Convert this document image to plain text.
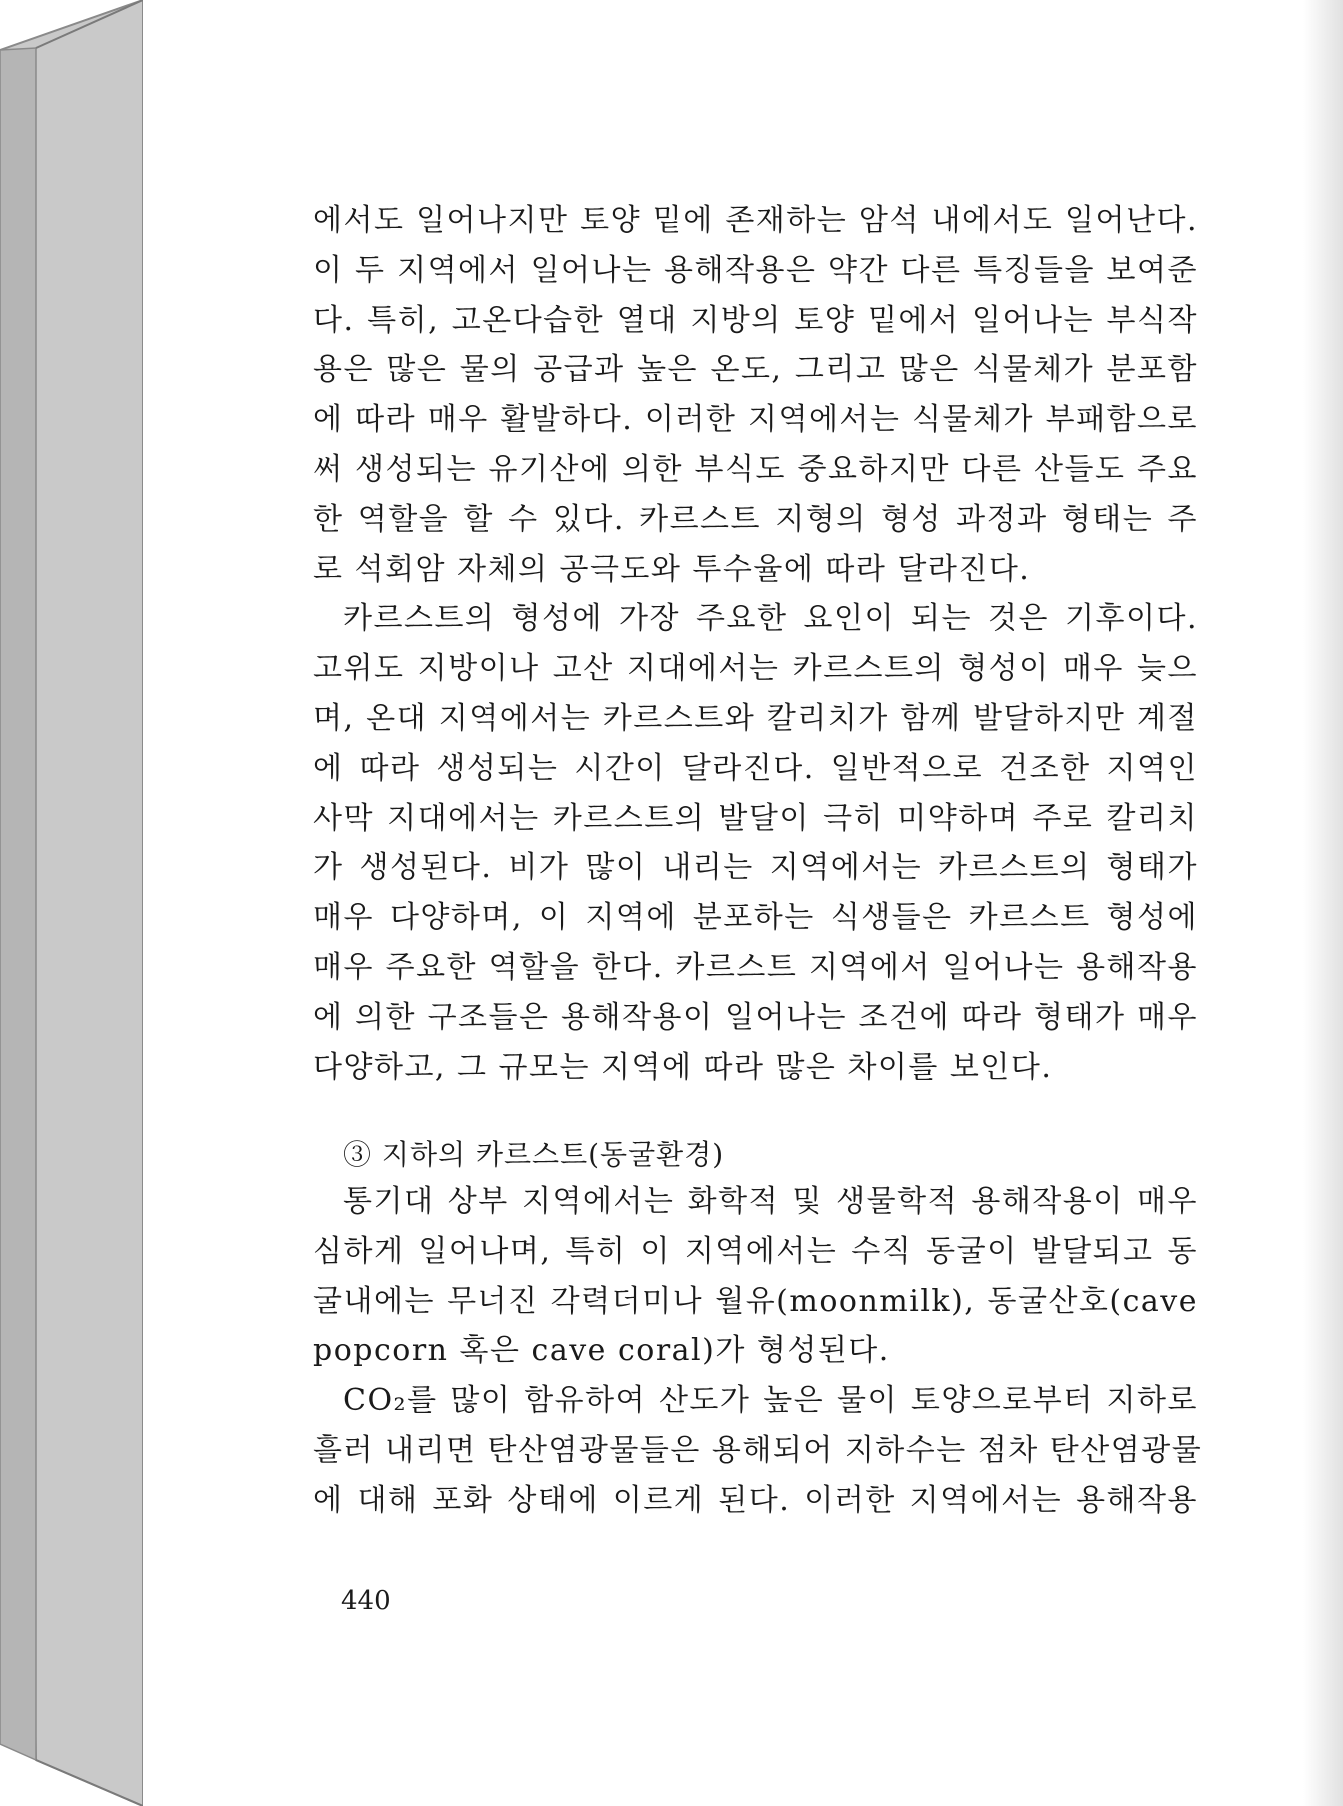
에서도 일어나지만 토양 밑에 존재하는 암석 내에서도 일어난다.
이 두 지역에서 일어나는 용해작용은 약간 다른 특징들을 보여준
다. 특히, 고온다습한 열대 지방의 토양 밑에서 일어나는 부식작
용은 많은 물의 공급과 높은 온도, 그리고 많은 식물체가 분포함
에 따라 매우 활발하다. 이러한 지역에서는 식물체가 부패함으로
써 생성되는 유기산에 의한 부식도 중요하지만 다른 산들도 주요
한 역할을 할 수 있다. 카르스트 지형의 형성 과정과 형태는 주
로 석회암 자체의 공극도와 투수율에 따라 달라진다.
카르스트의 형성에 가장 주요한 요인이 되는 것은 기후이다.
고위도 지방이나 고산 지대에서는 카르스트의 형성이 매우 늦으
며, 온대 지역에서는 카르스트와 칼리치가 함께 발달하지만 계절
에 따라 생성되는 시간이 달라진다. 일반적으로 건조한 지역인
사막 지대에서는 카르스트의 발달이 극히 미약하며 주로 칼리치
가 생성된다. 비가 많이 내리는 지역에서는 카르스트의 형태가
매우 다양하며, 이 지역에 분포하는 식생들은 카르스트 형성에
매우 주요한 역할을 한다. 카르스트 지역에서 일어나는 용해작용
에 의한 구조들은 용해작용이 일어나는 조건에 따라 형태가 매우
다양하고, 그 규모는 지역에 따라 많은 차이를 보인다.
③ 지하의 카르스트(동굴환경)
통기대 상부 지역에서는 화학적 및 생물학적 용해작용이 매우
심하게 일어나며, 특히 이 지역에서는 수직 동굴이 발달되고 동
굴내에는 무너진 각력더미나 월유(moonmilk), 동굴산호(cave
popcorn 혹은 cave coral)가 형성된다.
CO₂를 많이 함유하여 산도가 높은 물이 토양으로부터 지하로
흘러 내리면 탄산염광물들은 용해되어 지하수는 점차 탄산염광물
에 대해 포화 상태에 이르게 된다. 이러한 지역에서는 용해작용
440
